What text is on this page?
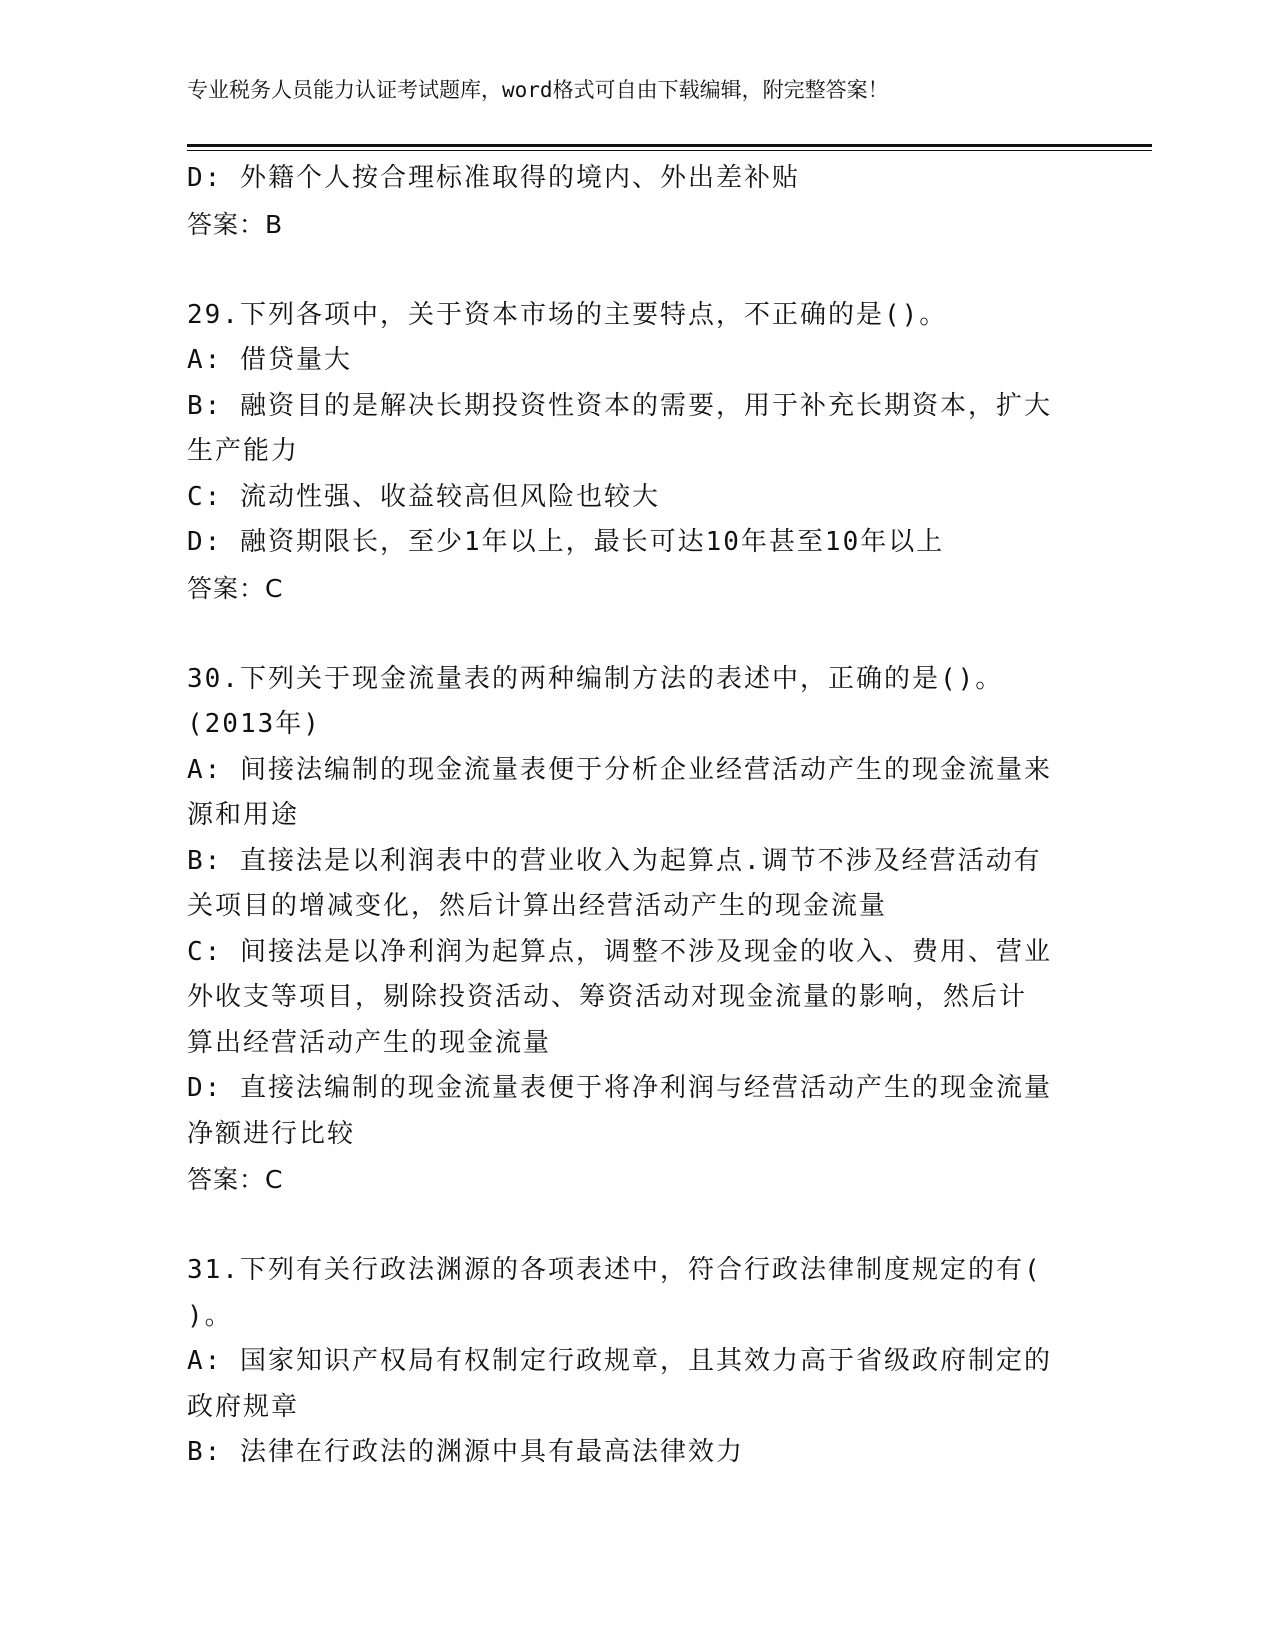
专业税务人员能力认证考试题库，word格式可自由下载编辑，附完整答案！
D: 外籍个人按合理标准取得的境内、外出差补贴
答案：B
29.下列各项中，关于资本市场的主要特点，不正确的是()。
A: 借贷量大
B: 融资目的是解决长期投资性资本的需要，用于补充长期资本，扩大
生产能力
C: 流动性强、收益较高但风险也较大
D: 融资期限长，至少1年以上，最长可达10年甚至10年以上
答案：C
30.下列关于现金流量表的两种编制方法的表述中，正确的是()。
(2013年)
A: 间接法编制的现金流量表便于分析企业经营活动产生的现金流量来
源和用途
B: 直接法是以利润表中的营业收入为起算点.调节不涉及经营活动有
关项目的增减变化，然后计算出经营活动产生的现金流量
C: 间接法是以净利润为起算点，调整不涉及现金的收入、费用、营业
外收支等项目，剔除投资活动、筹资活动对现金流量的影响，然后计
算出经营活动产生的现金流量
D: 直接法编制的现金流量表便于将净利润与经营活动产生的现金流量
净额进行比较
答案：C
31.下列有关行政法渊源的各项表述中，符合行政法律制度规定的有(
)。
A: 国家知识产权局有权制定行政规章，且其效力高于省级政府制定的
政府规章
B: 法律在行政法的渊源中具有最高法律效力
